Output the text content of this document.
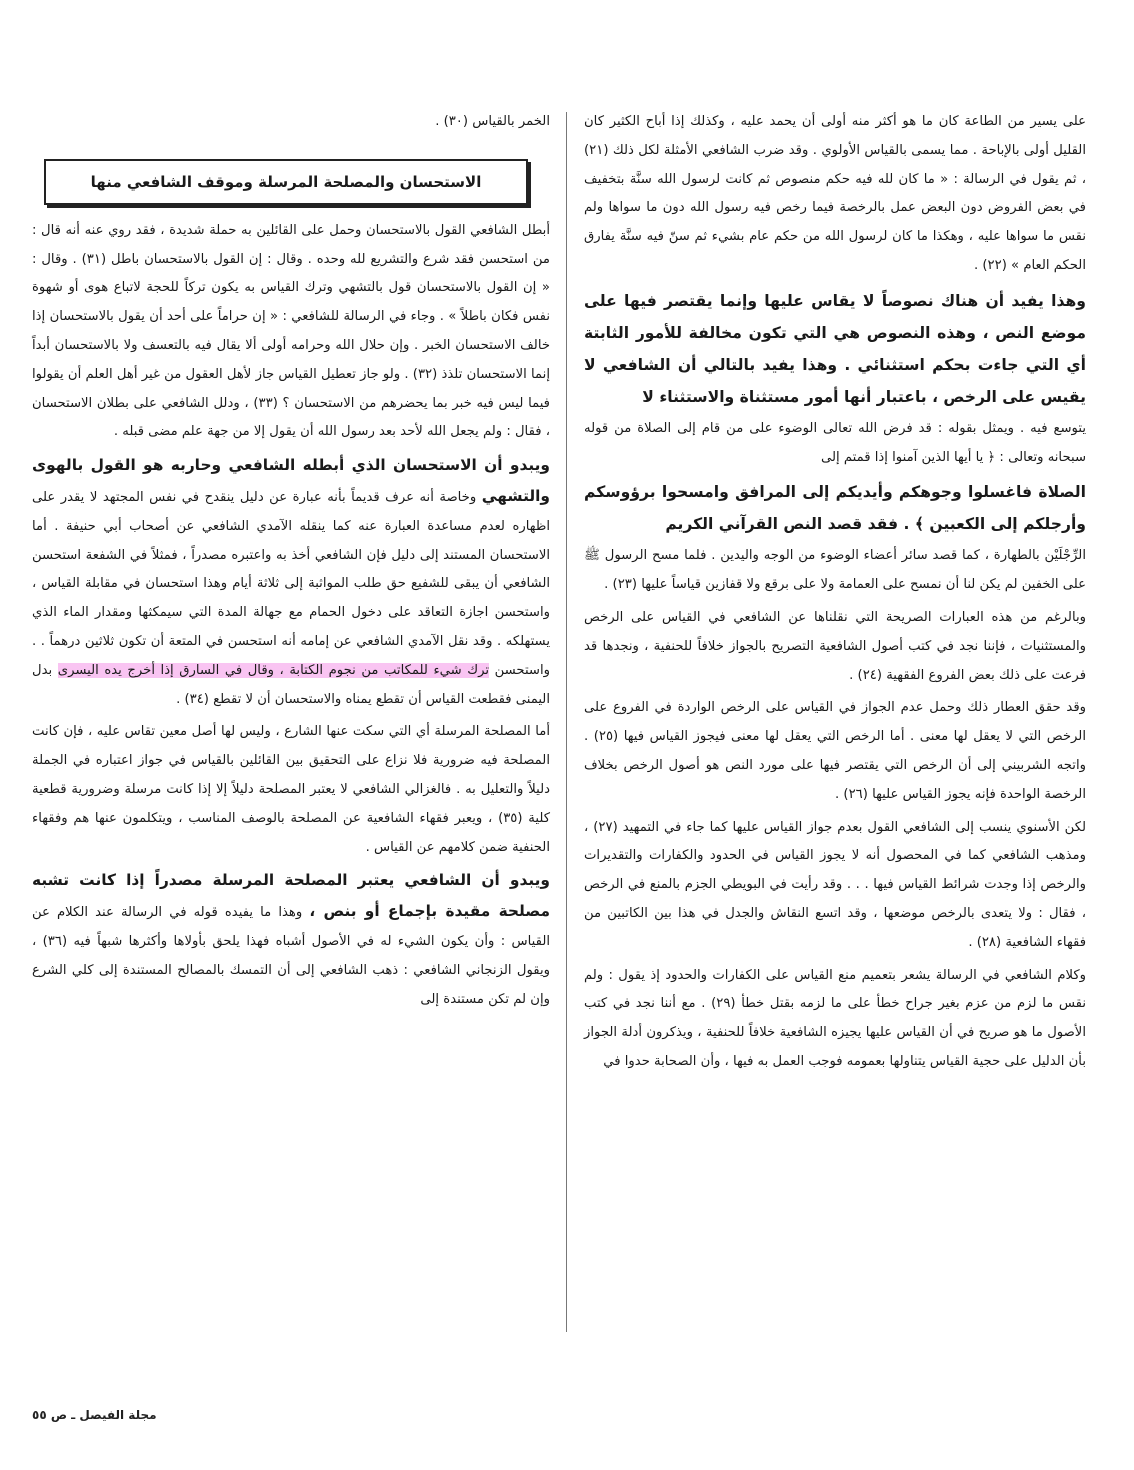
على يسير من الطاعة كان ما هو أكثر منه أولى أن يحمد عليه ، وكذلك إذا أباح الكثير كان القليل أولى بالإباحة . مما يسمى بالقياس الأولوي . وقد ضرب الشافعي الأمثلة لكل ذلك (٢١) ، ثم يقول في الرسالة : « ما كان لله فيه حكم منصوص ثم كانت لرسول الله سنَّة بتخفيف في بعض الفروض دون البعض عمل بالرخصة فيما رخص فيه رسول الله دون ما سواها ولم نقس ما سواها عليه ، وهكذا ما كان لرسول الله من حكم عام بشيء ثم سنّ فيه سنَّة يفارق الحكم العام » (٢٢) .

وهذا يفيد أن هناك نصوصاً لا يقاس عليها وإنما يقتصر فيها على موضع النص ، وهذه النصوص هي التي تكون مخالفة للأمور الثابتة أي التي جاءت بحكم استثنائي . وهذا يفيد بالتالي أن الشافعي لا يقيس على الرخص ، باعتبار أنها أمور مستثناة والاستثناء لا

يتوسع فيه . ويمثل بقوله : قد فرض الله تعالى الوضوء على من قام إلى الصلاة من قوله سبحانه وتعالى : ﴿ يا أيها الذين آمنوا إذا قمتم إلى

الصلاة فاغسلوا وجوهكم وأيديكم إلى المرافق وامسحوا برؤوسكم وأرجلكم إلى الكعبين ﴾ . فقد قصد النص القرآني الكريم

الرِّجْلَيْن بالطهارة ، كما قصد سائر أعضاء الوضوء من الوجه واليدين . فلما مسح الرسول ﷺ على الخفين لم يكن لنا أن نمسح على العمامة ولا على برقع ولا قفازين قياساً عليها (٢٣) .

وبالرغم من هذه العبارات الصريحة التي نقلناها عن الشافعي في القياس على الرخص والمستثنيات ، فإننا نجد في كتب أصول الشافعية التصريح بالجواز خلافاً للحنفية ، ونجدها قد فرعت على ذلك بعض الفروع الفقهية (٢٤) .

وقد حقق العطار ذلك وحمل عدم الجواز في القياس على الرخص الواردة في الفروع على الرخص التي لا يعقل لها معنى . أما الرخص التي يعقل لها معنى فيجوز القياس فيها (٢٥) . واتجه الشربيني إلى أن الرخص التي يقتصر فيها على مورد النص هو أصول الرخص بخلاف الرخصة الواحدة فإنه يجوز القياس عليها (٢٦) .

لكن الأسنوي ينسب إلى الشافعي القول بعدم جواز القياس عليها كما جاء في التمهيد (٢٧) ، ومذهب الشافعي كما في المحصول أنه لا يجوز القياس في الحدود والكفارات والتقديرات والرخص إذا وجدت شرائط القياس فيها . . . وقد رأيت في البويطي الجزم بالمنع في الرخص ، فقال : ولا يتعدى بالرخص موضعها ، وقد اتسع النقاش والجدل في هذا بين الكاتبين من فقهاء الشافعية (٢٨) .

وكلام الشافعي في الرسالة يشعر بتعميم منع القياس على الكفارات والحدود إذ يقول : ولم نقس ما لزم من عزم بغير جراح خطأ على ما لزمه بقتل خطأ (٢٩) . مع أننا نجد في كتب الأصول ما هو صريح في أن القياس عليها يجيزه الشافعية خلافاً للحنفية ، ويذكرون أدلة الجواز بأن الدليل على حجية القياس يتناولها بعمومه فوجب العمل به فيها ، وأن الصحابة حدوا في

الخمر بالقياس (٣٠) .

الاستحسان والمصلحة المرسلة وموقف الشافعي منها

أبطل الشافعي القول بالاستحسان وحمل على القائلين به حملة شديدة ، فقد روي عنه أنه قال : من استحسن فقد شرع والتشريع لله وحده . وقال : إن القول بالاستحسان باطل (٣١) . وقال : « إن القول بالاستحسان قول بالتشهي وترك القياس به يكون تركاً للحجة لاتباع هوى أو شهوة نفس فكان باطلاً » . وجاء في الرسالة للشافعي : « إن حراماً على أحد أن يقول بالاستحسان إذا خالف الاستحسان الخبر . وإن حلال الله وحرامه أولى ألا يقال فيه بالتعسف ولا بالاستحسان أبداً إنما الاستحسان تلذذ (٣٢) . ولو جاز تعطيل القياس جاز لأهل العقول من غير أهل العلم أن يقولوا فيما ليس فيه خبر بما يحضرهم من الاستحسان ؟ (٣٣) ، ودلل الشافعي على بطلان الاستحسان ، فقال : ولم يجعل الله لأحد بعد رسول الله أن يقول إلا من جهة علم مضى قبله .

ويبدو أن الاستحسان الذي أبطله الشافعي وحاربه هو القول بالهوى والتشهي وخاصة أنه عرف قديماً بأنه عبارة عن دليل ينقدح في نفس المجتهد لا يقدر على اظهاره لعدم مساعدة العبارة عنه كما ينقله الآمدي الشافعي عن أصحاب أبي حنيفة . أما الاستحسان المستند إلى دليل فإن الشافعي أخذ به واعتبره مصدراً ، فمثلاً في الشفعة استحسن الشافعي أن يبقى للشفيع حق طلب المواثبة إلى ثلاثة أيام وهذا استحسان في مقابلة القياس ، واستحسن اجازة التعاقد على دخول الحمام مع جهالة المدة التي سيمكثها ومقدار الماء الذي يستهلكه . وقد نقل الآمدي الشافعي عن إمامه أنه استحسن في المتعة أن تكون ثلاثين درهماً . . واستحسن ترك شيء للمكاتب من نجوم الكتابة ، وقال في السارق إذا أخرج يده اليسرى بدل اليمنى فقطعت القياس أن تقطع يمناه والاستحسان أن لا تقطع (٣٤) .

أما المصلحة المرسلة أي التي سكت عنها الشارع ، وليس لها أصل معين تقاس عليه ، فإن كانت المصلحة فيه ضرورية فلا نزاع على التحقيق بين القائلين بالقياس في جواز اعتباره في الجملة دليلاً والتعليل به . فالغزالي الشافعي لا يعتبر المصلحة دليلاً إلا إذا كانت مرسلة وضرورية قطعية كلية (٣٥) ، ويعبر فقهاء الشافعية عن المصلحة بالوصف المناسب ، ويتكلمون عنها هم وفقهاء الحنفية ضمن كلامهم عن القياس .

ويبدو أن الشافعي يعتبر المصلحة المرسلة مصدراً إذا كانت تشبه مصلحة مقيدة بإجماع أو بنص ، وهذا ما يفيده قوله في الرسالة عند الكلام عن القياس : وأن يكون الشيء له في الأصول أشباه فهذا يلحق بأولاها وأكثرها شبهاً فيه (٣٦) ، ويقول الزنجاني الشافعي : ذهب الشافعي إلى أن التمسك بالمصالح المستندة إلى كلي الشرع وإن لم تكن مستندة إلى

مجلة الفيصل ـ ص ٥٥
